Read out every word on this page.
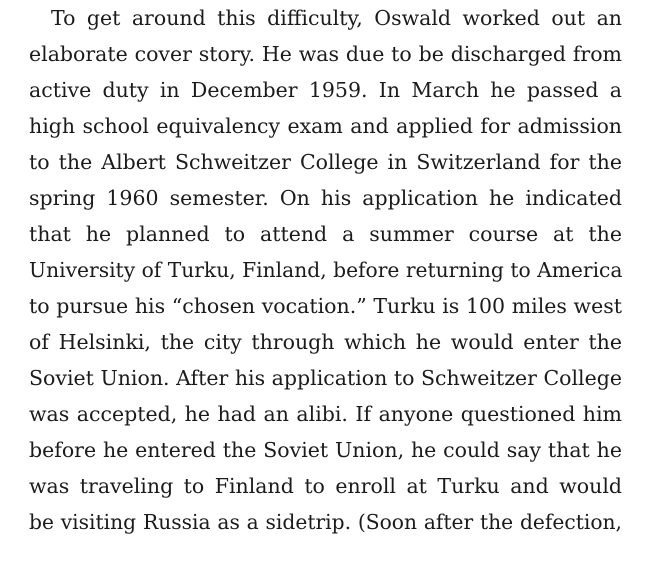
To get around this difficulty, Oswald worked out an
elaborate cover story. He was due to be discharged from
active duty in December 1959. In March he passed a
high school equivalency exam and applied for admission
to the Albert Schweitzer College in Switzerland for the
spring 1960 semester. On his application he indicated
that he planned to attend a summer course at the
University of Turku, Finland, before returning to America
to pursue his “chosen vocation.” Turku is 100 miles west
of Helsinki, the city through which he would enter the
Soviet Union. After his application to Schweitzer College
was accepted, he had an alibi. If anyone questioned him
before he entered the Soviet Union, he could say that he
was traveling to Finland to enroll at Turku and would
be visiting Russia as a sidetrip. (Soon after the defection,
